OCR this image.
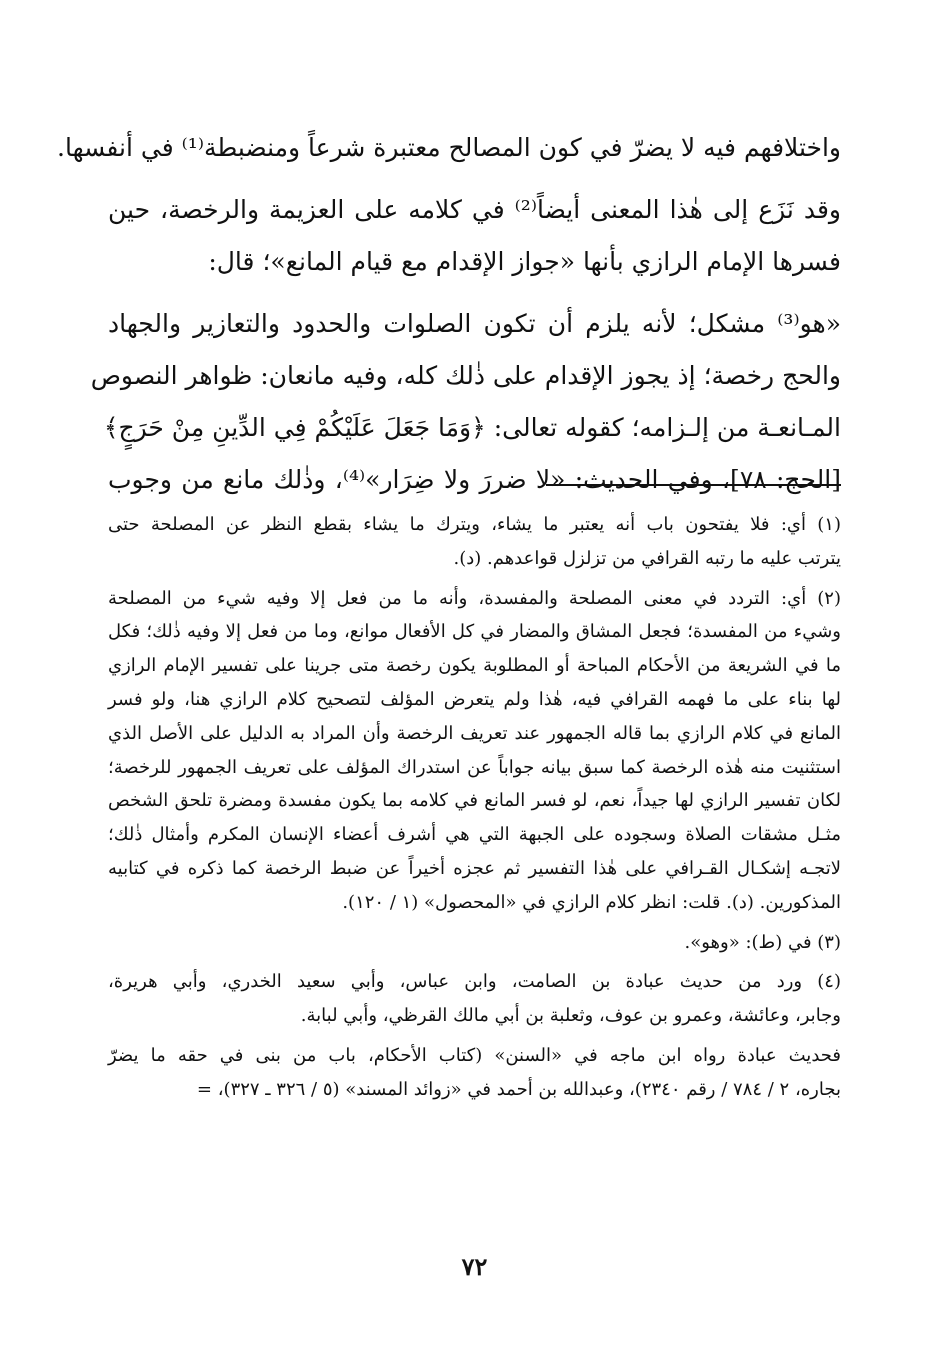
واختلافهم فيه لا يضرّ في كون المصالح معتبرة شرعاً ومنضبطة⁽¹⁾ في أنفسها.
وقد نَزَع إلى هٰذا المعنى أيضاً⁽²⁾ في كلامه على العزيمة والرخصة، حين
فسرها الإمام الرازي بأنها «جواز الإقدام مع قيام المانع»؛ قال:
«هو⁽³⁾ مشكل؛ لأنه يلزم أن تكون الصلوات والحدود والتعازير والجهاد
والحج رخصة؛ إذ يجوز الإقدام على ذٰلك كله، وفيه مانعان: ظواهر النصوص
المـانعـة من إلـزامه؛ كقوله تعالى: ﴿وَمَا جَعَلَ عَلَيْكُمْ فِي الدِّينِ مِنْ حَرَجٍ﴾
[الحج: ٧٨]، وفي الحديث: «لا ضررَ ولا ضِرَار»⁽⁴⁾، وذٰلك مانع من وجوب
(١) أي: فلا يفتحون باب أنه يعتبر ما يشاء، ويترك ما يشاء بقطع النظر عن المصلحة حتى
يترتب عليه ما رتبه القرافي من تزلزل قواعدهم. (د).
(٢) أي: التردد في معنى المصلحة والمفسدة، وأنه ما من فعل إلا وفيه شيء من المصلحة
وشيء من المفسدة؛ فجعل المشاق والمضار في كل الأفعال موانع، وما من فعل إلا وفيه ذٰلك؛ فكل
ما في الشريعة من الأحكام المباحة أو المطلوبة يكون رخصة متى جرينا على تفسير الإمام الرازي
لها بناء على ما فهمه القرافي فيه، هٰذا ولم يتعرض المؤلف لتصحيح كلام الرازي هنا، ولو فسر
المانع في كلام الرازي بما قاله الجمهور عند تعريف الرخصة وأن المراد به الدليل على الأصل الذي
استثنيت منه هٰذه الرخصة كما سبق بيانه جواباً عن استدراك المؤلف على تعريف الجمهور للرخصة؛
لكان تفسير الرازي لها جيداً، نعم، لو فسر المانع في كلامه بما يكون مفسدة ومضرة تلحق الشخص
مثـل مشقات الصلاة وسجوده على الجبهة التي هي أشرف أعضاء الإنسان المكرم وأمثال ذٰلك؛
لاتجـه إشكـال القـرافي على هٰذا التفسير ثم عجزه أخيراً عن ضبط الرخصة كما ذكره في كتابيه
المذكورين. (د). قلت: انظر كلام الرازي في «المحصول» (١ / ١٢٠).
(٣) في (ط): «وهو».
(٤) ورد من حديث عبادة بن الصامت، وابن عباس، وأبي سعيد الخدري، وأبي هريرة،
وجابر، وعائشة، وعمرو بن عوف، وثعلبة بن أبي مالك القرظي، وأبي لبابة.
فحديث عبادة رواه ابن ماجه في «السنن» (كتاب الأحكام، باب من بنى في حقه ما يضرّ
بجاره، ٢ / ٧٨٤ / رقم ٢٣٤٠)، وعبدالله بن أحمد في «زوائد المسند» (٥ / ٣٢٦ ـ ٣٢٧)، =
٧٢
